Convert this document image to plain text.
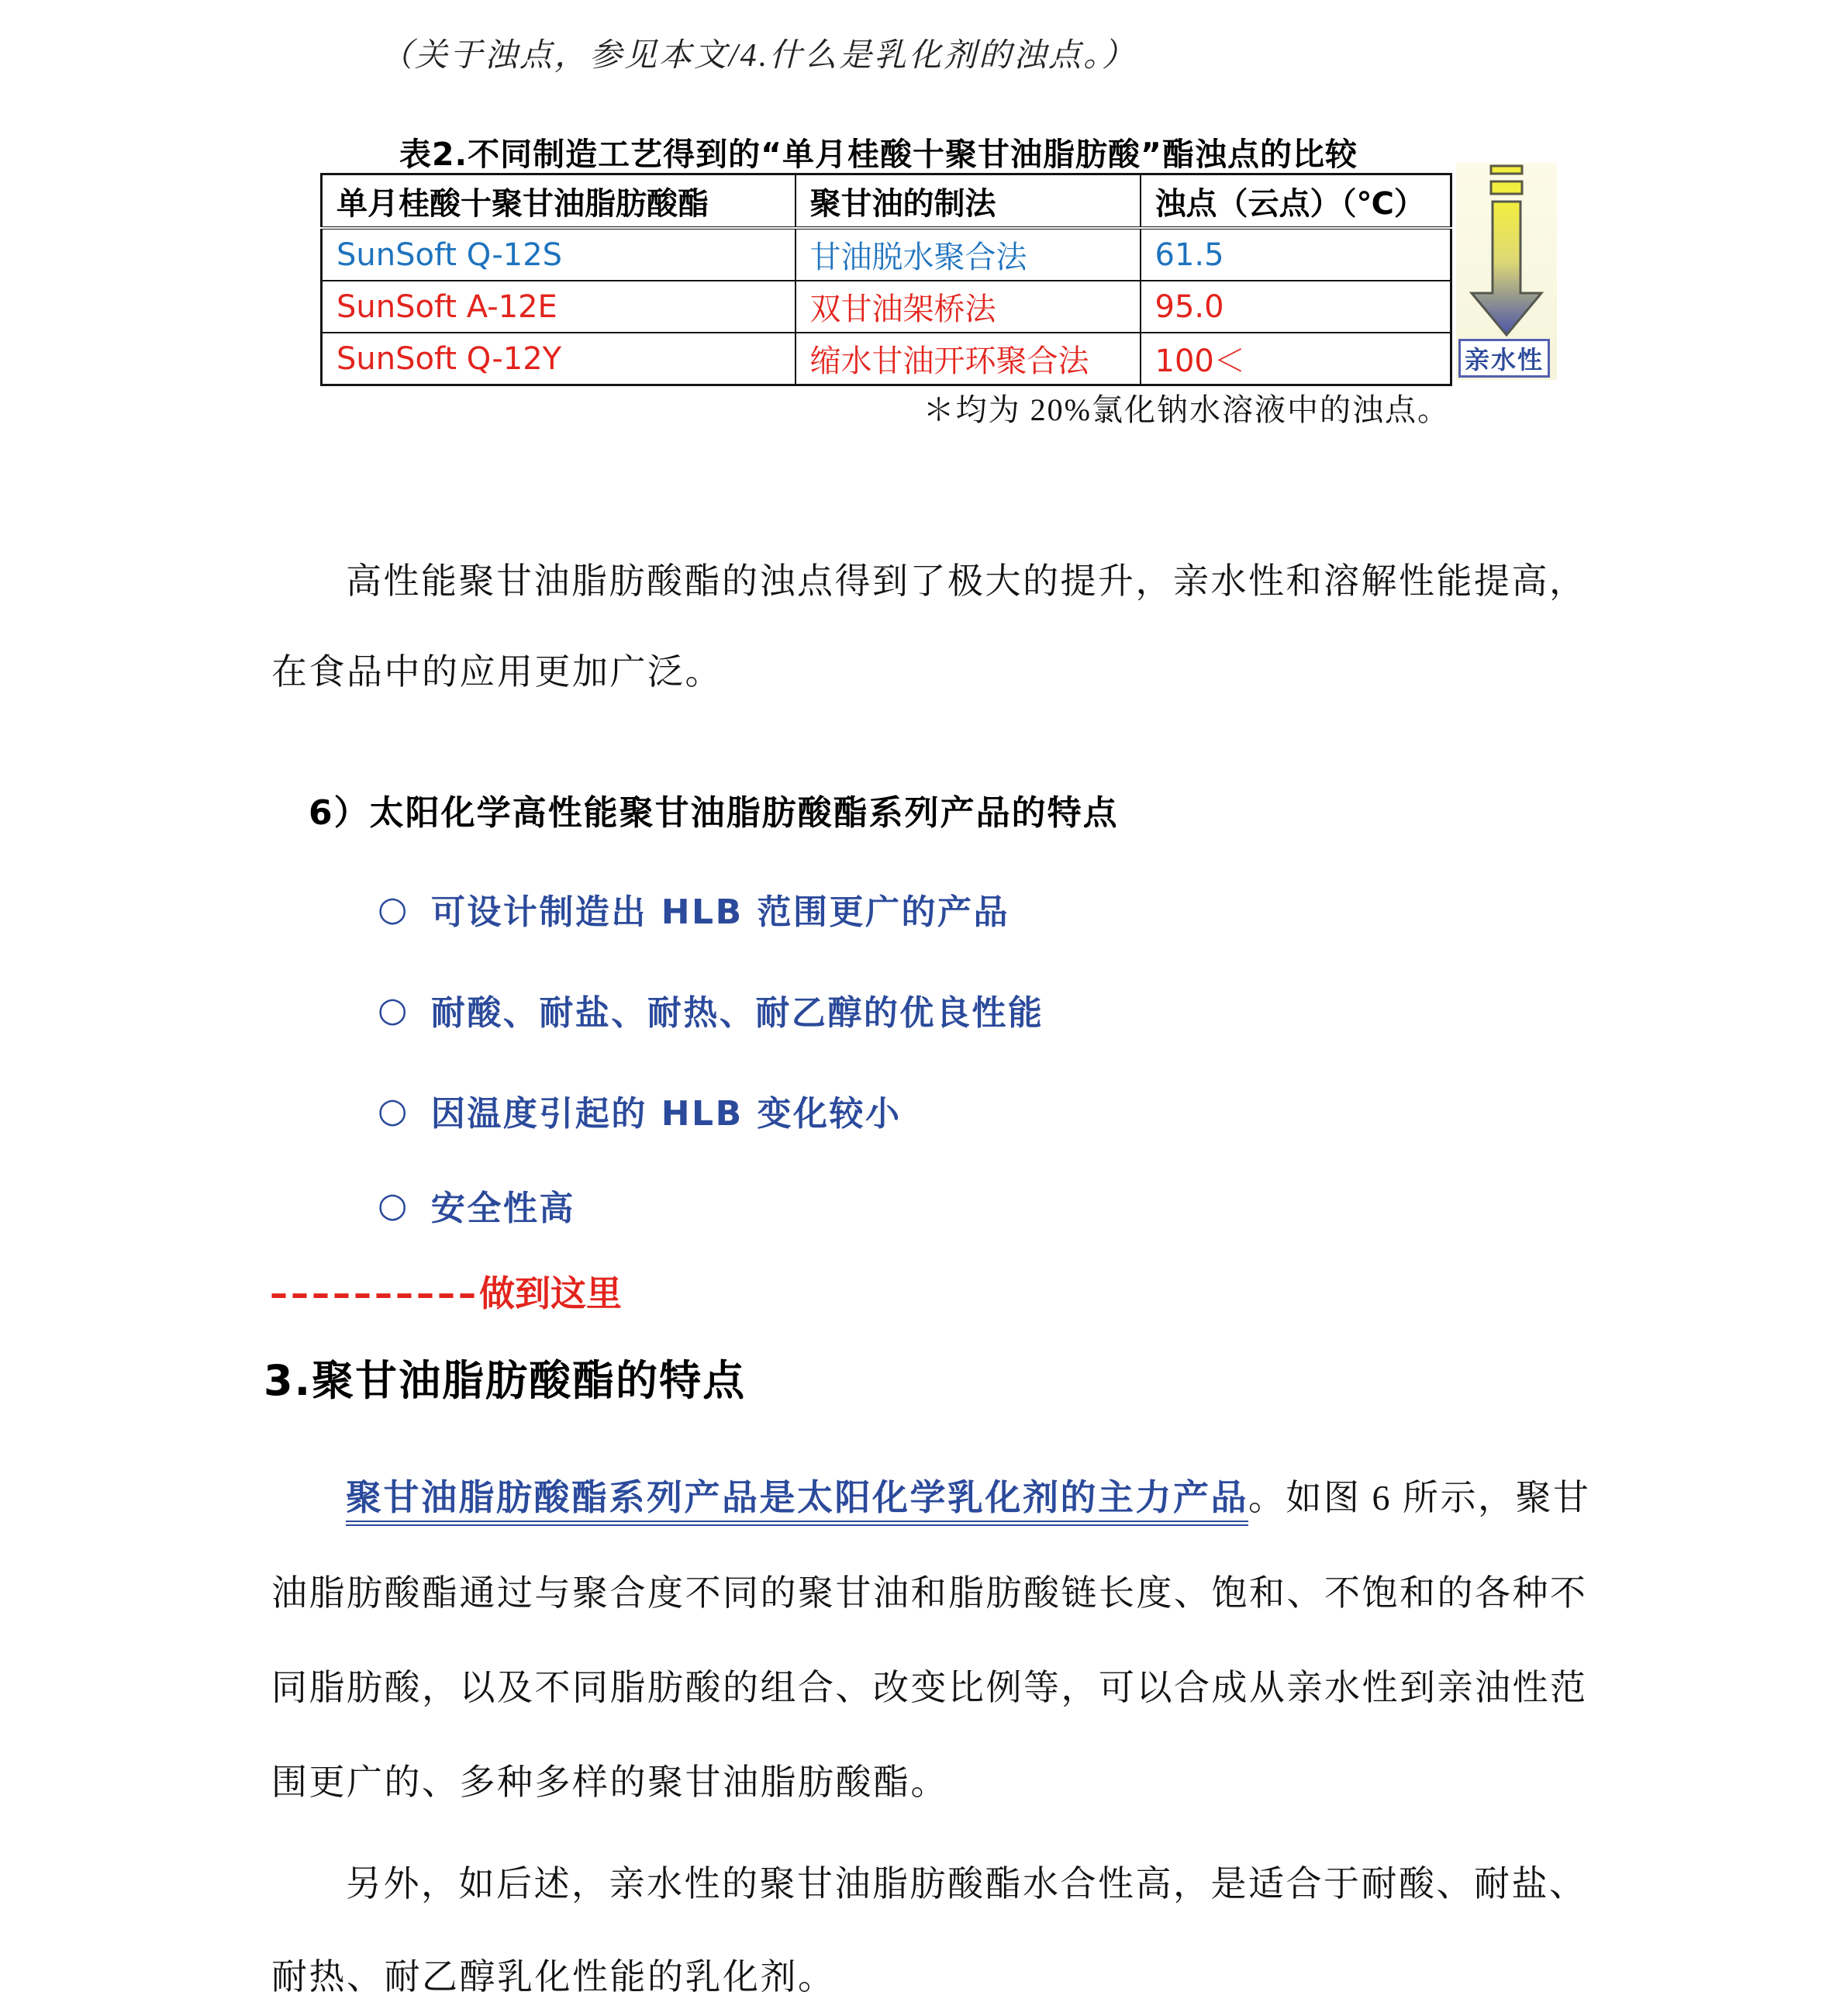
（关于浊点，参见本文/4.什么是乳化剂的浊点。）
表2.不同制造工艺得到的“单月桂酸十聚甘油脂肪酸”酯浊点的比较
单月桂酸十聚甘油脂肪酸酯	聚甘油的制法	浊点（云点）（℃）
SunSoft Q-12S	甘油脱水聚合法	61.5
SunSoft A-12E	双甘油架桥法	95.0
SunSoft Q-12Y	缩水甘油开环聚合法	100＜	亲水性
＊均为 20%氯化钠水溶液中的浊点。
高性能聚甘油脂肪酸酯的浊点得到了极大的提升，亲水性和溶解性能提高，
在食品中的应用更加广泛。
6）太阳化学高性能聚甘油脂肪酸酯系列产品的特点
○ 可设计制造出 HLB 范围更广的产品
○ 耐酸、耐盐、耐热、耐乙醇的优良性能
○ 因温度引起的 HLB 变化较小
○ 安全性高
––––––––––做到这里
3.聚甘油脂肪酸酯的特点
聚甘油脂肪酸酯系列产品是太阳化学乳化剂的主力产品。如图 6 所示，聚甘
油脂肪酸酯通过与聚合度不同的聚甘油和脂肪酸链长度、饱和、不饱和的各种不
同脂肪酸，以及不同脂肪酸的组合、改变比例等，可以合成从亲水性到亲油性范
围更广的、多种多样的聚甘油脂肪酸酯。
另外，如后述，亲水性的聚甘油脂肪酸酯水合性高，是适合于耐酸、耐盐、
耐热、耐乙醇乳化性能的乳化剂。
